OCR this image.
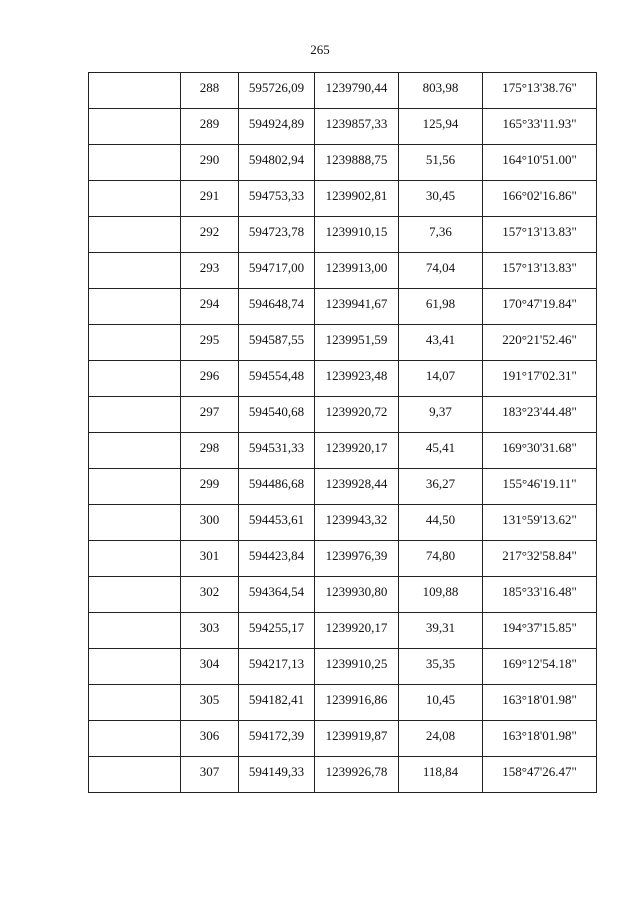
265
	288	595726,09	1239790,44	803,98	175°13'38.76"
	289	594924,89	1239857,33	125,94	165°33'11.93"
	290	594802,94	1239888,75	51,56	164°10'51.00"
	291	594753,33	1239902,81	30,45	166°02'16.86"
	292	594723,78	1239910,15	7,36	157°13'13.83"
	293	594717,00	1239913,00	74,04	157°13'13.83"
	294	594648,74	1239941,67	61,98	170°47'19.84"
	295	594587,55	1239951,59	43,41	220°21'52.46"
	296	594554,48	1239923,48	14,07	191°17'02.31"
	297	594540,68	1239920,72	9,37	183°23'44.48"
	298	594531,33	1239920,17	45,41	169°30'31.68"
	299	594486,68	1239928,44	36,27	155°46'19.11"
	300	594453,61	1239943,32	44,50	131°59'13.62"
	301	594423,84	1239976,39	74,80	217°32'58.84"
	302	594364,54	1239930,80	109,88	185°33'16.48"
	303	594255,17	1239920,17	39,31	194°37'15.85"
	304	594217,13	1239910,25	35,35	169°12'54.18"
	305	594182,41	1239916,86	10,45	163°18'01.98"
	306	594172,39	1239919,87	24,08	163°18'01.98"
	307	594149,33	1239926,78	118,84	158°47'26.47"
